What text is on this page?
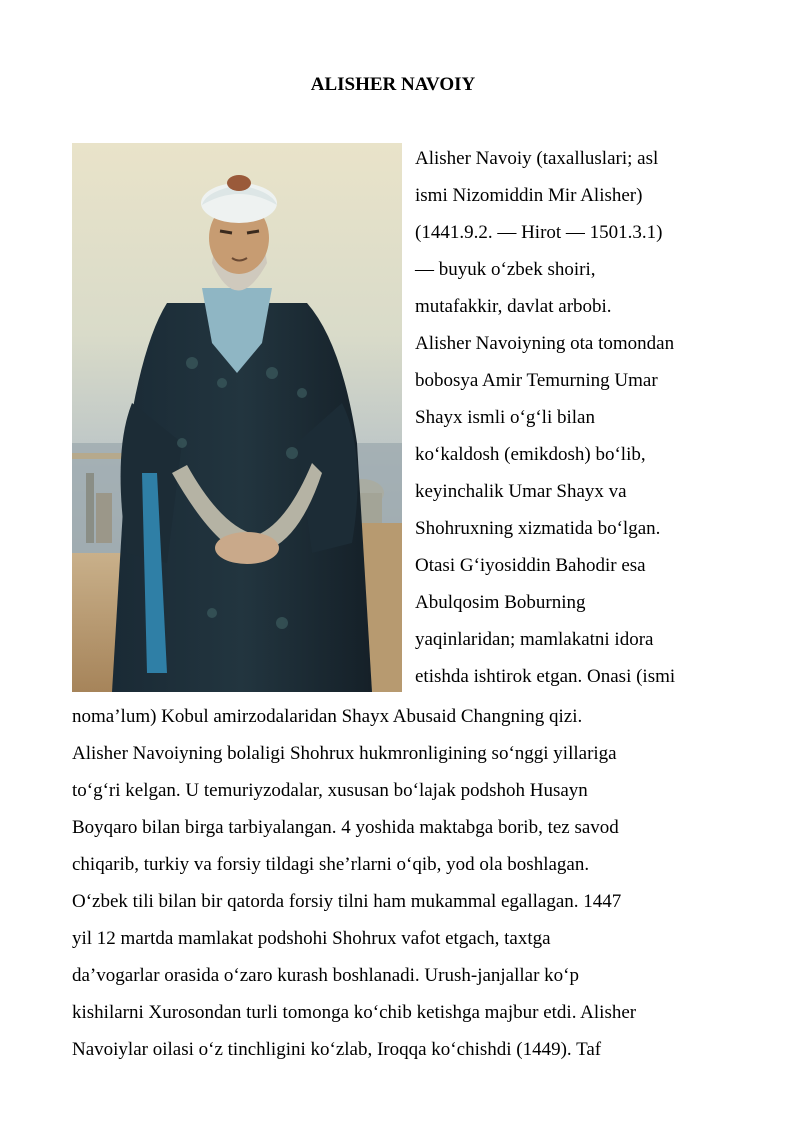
ALISHER NAVOIY
Alisher Navoiy (taxalluslari; asl
ismi Nizomiddin Mir Alisher)
(1441.9.2. — Hirot — 1501.3.1)
— buyuk oʻzbek shoiri,
mutafakkir, davlat arbobi.
Alisher Navoiyning ota tomondan
bobosya Amir Temurning Umar
Shayx ismli oʻgʻli bilan
koʻkaldosh (emikdosh) boʻlib,
keyinchalik Umar Shayx va
Shohruxning xizmatida boʻlgan.
Otasi Gʻiyosiddin Bahodir esa
Abulqosim Boburning
yaqinlaridan; mamlakatni idora
etishda ishtirok etgan. Onasi (ismi
nomaʼlum) Kobul amirzodalaridan Shayx Abusaid Changning qizi.
Alisher Navoiyning bolaligi Shohrux hukmronligining soʻnggi yillariga
toʻgʻri kelgan. U temuriyzodalar, xususan boʻlajak podshoh Husayn
Boyqaro bilan birga tarbiyalangan. 4 yoshida maktabga borib, tez savod
chiqarib, turkiy va forsiy tildagi sheʼrlarni oʻqib, yod ola boshlagan.
Oʻzbek tili bilan bir qatorda forsiy tilni ham mukammal egallagan. 1447
yil 12 martda mamlakat podshohi Shohrux vafot etgach, taxtga
daʼvogarlar orasida oʻzaro kurash boshlanadi. Urush-janjallar koʻp
kishilarni Xurosondan turli tomonga koʻchib ketishga majbur etdi. Alisher
Navoiylar oilasi oʻz tinchligini koʻzlab, Iroqqa koʻchishdi (1449). Taf
